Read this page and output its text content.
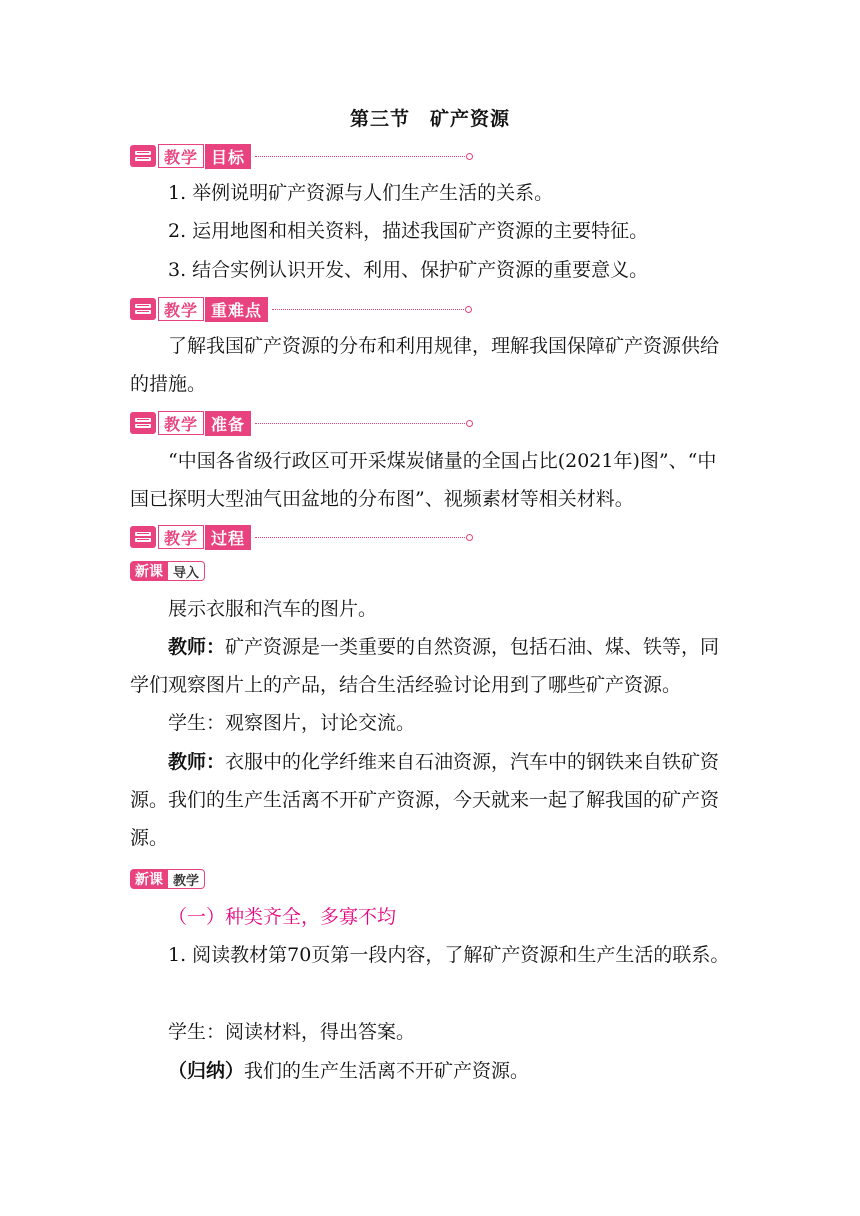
第三节　矿产资源
教学 目标
1. 举例说明矿产资源与人们生产生活的关系。
2. 运用地图和相关资料，描述我国矿产资源的主要特征。
3. 结合实例认识开发、利用、保护矿产资源的重要意义。
教学 重难点
了解我国矿产资源的分布和利用规律，理解我国保障矿产资源供给的措施。
教学 准备
“中国各省级行政区可开采煤炭储量的全国占比(2021年)图”、“中国已探明大型油气田盆地的分布图”、视频素材等相关材料。
教学 过程
新课 导入
展示衣服和汽车的图片。
教师：矿产资源是一类重要的自然资源，包括石油、煤、铁等，同学们观察图片上的产品，结合生活经验讨论用到了哪些矿产资源。
学生：观察图片，讨论交流。
教师：衣服中的化学纤维来自石油资源，汽车中的钢铁来自铁矿资源。我们的生产生活离不开矿产资源，今天就来一起了解我国的矿产资源。
新课 教学
（一）种类齐全，多寡不均
1. 阅读教材第70页第一段内容，了解矿产资源和生产生活的联系。
学生：阅读材料，得出答案。
（归纳）我们的生产生活离不开矿产资源。
